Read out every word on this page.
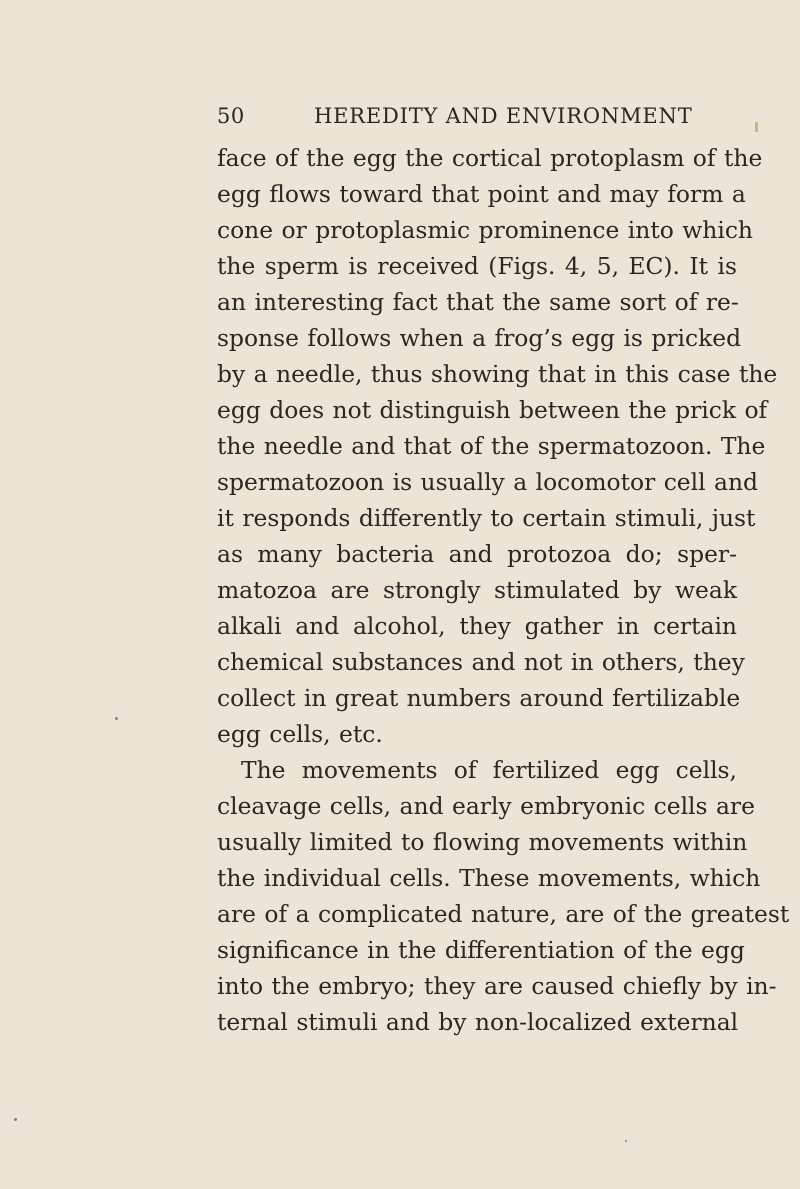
50	HEREDITY AND ENVIRONMENT
face of the egg the cortical protoplasm of the
egg flows toward that point and may form a
cone or protoplasmic prominence into which
the sperm is received (Figs. 4, 5, EC). It is
an interesting fact that the same sort of re-
sponse follows when a frog’s egg is pricked
by a needle, thus showing that in this case the
egg does not distinguish between the prick of
the needle and that of the spermatozoon. The
spermatozoon is usually a locomotor cell and
it responds differently to certain stimuli, just
as many bacteria and protozoa do; sper-
matozoa are strongly stimulated by weak
alkali and alcohol, they gather in certain
chemical substances and not in others, they
collect in great numbers around fertilizable
egg cells, etc.
The movements of fertilized egg cells,
cleavage cells, and early embryonic cells are
usually limited to flowing movements within
the individual cells. These movements, which
are of a complicated nature, are of the greatest
significance in the differentiation of the egg
into the embryo; they are caused chiefly by in-
ternal stimuli and by non-localized external
